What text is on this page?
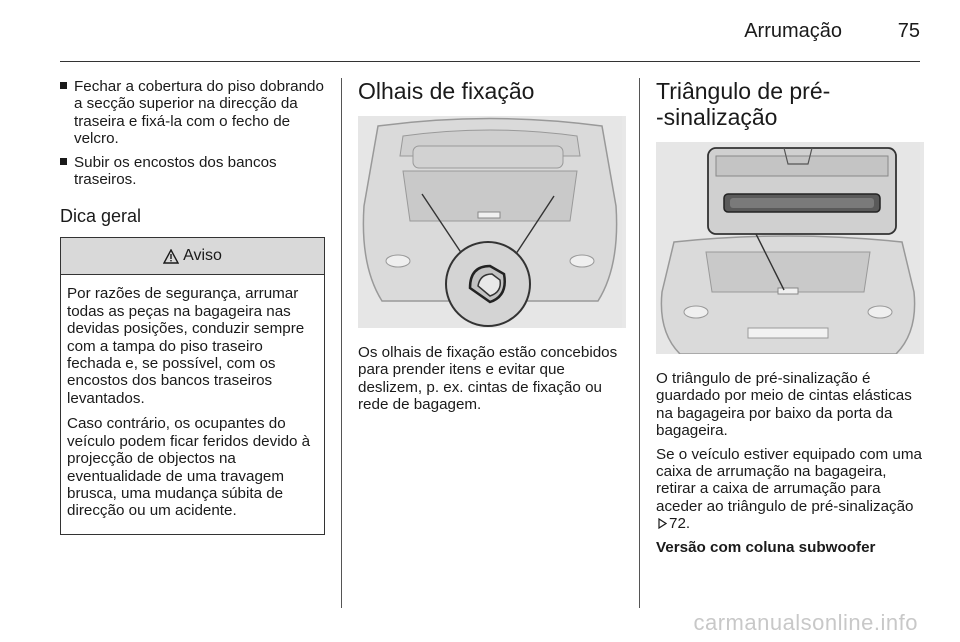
Arrumação	75
Fechar a cobertura do piso dobrando a secção superior na direcção da traseira e fixá-la com o fecho de velcro.
Subir os encostos dos bancos traseiros.
Dica geral
Aviso

Por razões de segurança, arrumar todas as peças na bagageira nas devidas posições, conduzir sempre com a tampa do piso traseiro fechada e, se possível, com os encostos dos bancos traseiros levantados.

Caso contrário, os ocupantes do veículo podem ficar feridos devido à projecção de objectos na eventualidade de uma travagem brusca, uma mudança súbita de direcção ou um acidente.

Olhais de fixação

Os olhais de fixação estão concebidos para prender itens e evitar que deslizem, p. ex. cintas de fixação ou rede de bagagem.

Triângulo de pré-
-sinalização

O triângulo de pré-sinalização é guardado por meio de cintas elásticas na bagageira por baixo da porta da bagageira.

Se o veículo estiver equipado com uma caixa de arrumação na bagageira, retirar a caixa de arrumação para aceder ao triângulo de pré-sinalização 72.

Versão com coluna subwoofer

carmanualsonline.info
